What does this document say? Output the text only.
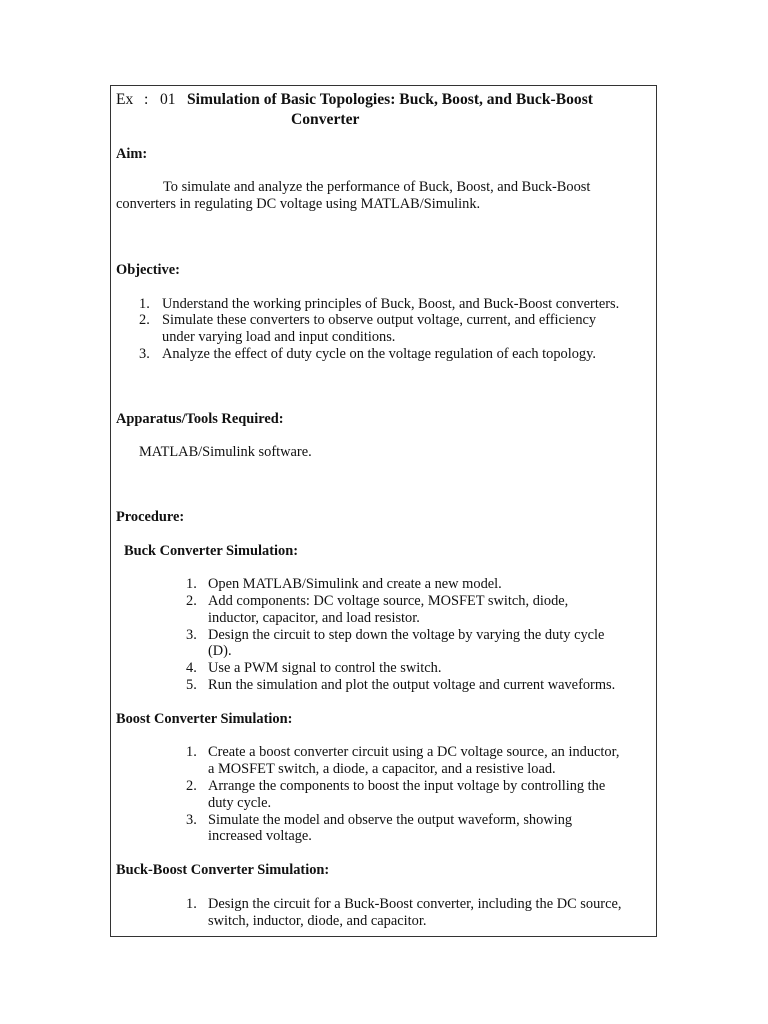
Ex : 01 Simulation of Basic Topologies: Buck, Boost, and Buck-Boost
Converter
Aim:
To simulate and analyze the performance of Buck, Boost, and Buck-Boost
converters in regulating DC voltage using MATLAB/Simulink.
Objective:
1. Understand the working principles of Buck, Boost, and Buck-Boost converters.
2. Simulate these converters to observe output voltage, current, and efficiency
under varying load and input conditions.
3. Analyze the effect of duty cycle on the voltage regulation of each topology.
Apparatus/Tools Required:
MATLAB/Simulink software.
Procedure:
Buck Converter Simulation:
1. Open MATLAB/Simulink and create a new model.
2. Add components: DC voltage source, MOSFET switch, diode,
inductor, capacitor, and load resistor.
3. Design the circuit to step down the voltage by varying the duty cycle
(D).
4. Use a PWM signal to control the switch.
5. Run the simulation and plot the output voltage and current waveforms.
Boost Converter Simulation:
1. Create a boost converter circuit using a DC voltage source, an inductor,
a MOSFET switch, a diode, a capacitor, and a resistive load.
2. Arrange the components to boost the input voltage by controlling the
duty cycle.
3. Simulate the model and observe the output waveform, showing
increased voltage.
Buck-Boost Converter Simulation:
1. Design the circuit for a Buck-Boost converter, including the DC source,
switch, inductor, diode, and capacitor.
